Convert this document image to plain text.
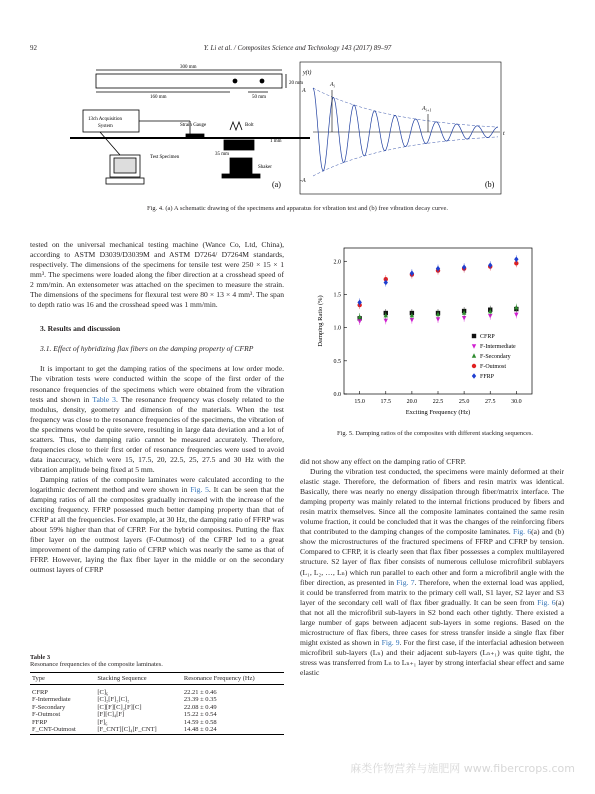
92	Y. Li et al. / Composites Science and Technology 143 (2017) 89–97
300 mm
160 mm	50 mm
20 mm
1 mm
35 mm
13ch Acquisition
System	Strain Gauge	Bolt
Test Specimen
Shaker
(a)
y(t)
A
-A
$A_i$
$A_{i+1}$
t
(b)
Fig. 4. (a) A schematic drawing of the specimens and apparatus for vibration test and (b) free vibration decay curve.

tested on the universal mechanical testing machine (Wance Co, Ltd, China), according to ASTM D3039/D3039M and ASTM D7264/ D7264M standards, respectively. The dimensions of the specimens for tensile test were 250 × 15 × 1 mm³. The specimens were loaded along the fiber direction at a crosshead speed of 2 mm/min. An extensometer was attached on the specimen to measure the strain. The dimensions of the specimens for flexural test were 80 × 13 × 4 mm³. The span to depth ratio was 16 and the crosshead speed was 1 mm/min.

3. Results and discussion

3.1. Effect of hybridizing flax fibers on the damping property of CFRP

It is important to get the damping ratios of the specimens at low order mode. The vibration tests were conducted within the scope of the first order of the resonance frequencies of the specimens which were obtained from the vibration tests and shown in Table 3. The resonance frequency was closely related to the modulus, density, geometry and dimension of the materials. When the test frequency was close to the resonance frequencies of the specimens, the vibration of the specimens would be quite severe, resulting in large data deviation and a lot of scatters. Thus, the damping ratio cannot be measured accurately. Therefore, frequencies close to their first order of resonance frequencies were used to avoid data inaccuracy, which were 15, 17.5, 20, 22.5, 25, 27.5 and 30 Hz with the vibration amplitude being fixed at 5 mm.

Damping ratios of the composite laminates were calculated according to the logarithmic decrement method and were shown in Fig. 5. It can be seen that the damping ratios of all the composites gradually increased with the increase of the exciting frequency. FFRP possessed much better damping property than that of CFRP at all the frequencies. For example, at 30 Hz, the damping ratio of FFRP was about 59% higher than that of CFRP. For the hybrid composites. Putting the flax fiber layer on the outmost layers (F-Outmost) of the CFRP led to a great improvement of the damping ratio of CFRP which was nearly the same as that of FFRP. However, laying the flax fiber layer in the middle or on the secondary outmost layers of CFRP

Table 3
Resonance frequencies of the composite laminates.
Type	Stacking Sequence	Resonance Frequency (Hz)

CFRP	[C]₆	22.21 ± 0.46
F-Intermediate	[C]₂[F]₂[C]₂	23.39 ± 0.35
F-Secondary	[C][F][C]₂[F][C]	22.08 ± 0.49
F-Outmost	[F][C]₄[F]	15.22 ± 0.54
FFRP	[F]₆	14.59 ± 0.58
F_CNT-Outmost	[F_CNT][C]₄[F_CNT]	14.48 ± 0.24
15.0	17.5	20.0	22.5	25.0	27.5	30.0
0.0
0.5
1.0
1.5
2.0
Exciting Frequency (Hz)
Damping Ratio (%)	CFRP
F-Intermediate
F-Secondary
F-Outmost
FFRP
Fig. 5. Damping ratios of the composites with different stacking sequences.

did not show any effect on the damping ratio of CFRP.

During the vibration test conducted, the specimens were mainly deformed at their elastic stage. Therefore, the deformation of fibers and resin matrix was identical. Basically, there was nearly no energy dissipation through fiber/matrix interface. The damping property was mainly related to the internal frictions produced by fibers and resin matrix themselves. Since all the composite laminates contained the same resin volume fraction, it could be concluded that it was the changes of the reinforcing fibers that contributed to the damping changes of the composite laminates. Fig. 6(a) and (b) show the microstructures of the fractured specimens of FFRP and CFRP by tension. Compared to CFRP, it is clearly seen that flax fiber possesses a complex multilayered structure. S2 layer of flax fiber consists of numerous cellulose microfibril sublayers (L₁, L₂, …, Lₙ) which run parallel to each other and form a microfibril angle with the fiber direction, as presented in Fig. 7. Therefore, when the external load was applied, it could be transferred from matrix to the primary cell wall, S1 layer, S2 layer and S3 layer of the secondary cell wall of flax fiber gradually. It can be seen from Fig. 6(a) that not all the microfibril sub-layers in S2 bond each other tightly. There existed a large number of gaps between adjacent sub-layers in some regions. Based on the microstructure of flax fibers, three cases for stress transfer inside a single flax fiber might existed as shown in Fig. 9. For the first case, if the interfacial adhesion between microfibril sub-layers (Lₙ) and their adjacent sub-layers (Lₙ₊₁) was quite tight, the stress was transferred from Lₙ to Lₙ₊₁ layer by strong interfacial shear effect and same elastic

麻类作物营养与施肥网 www.fibercrops.com
